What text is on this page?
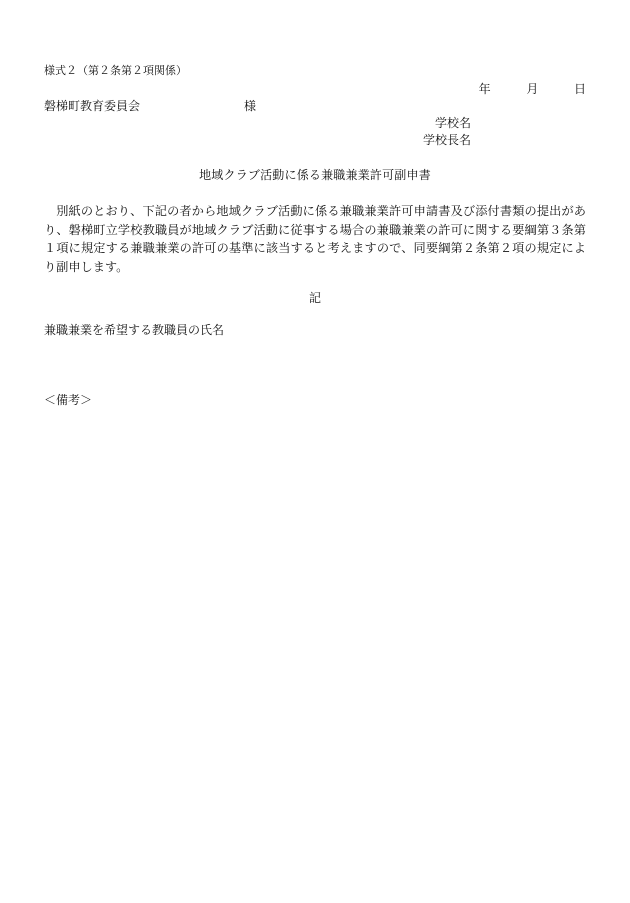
様式２（第２条第２項関係）
年	月	日
磐梯町教育委員会	様
学校名
学校長名
地域クラブ活動に係る兼職兼業許可副申書

別紙のとおり、下記の者から地域クラブ活動に係る兼職兼業許可申請書及び添付書類の提出があり、磐梯町立学校教職員が地域クラブ活動に従事する場合の兼職兼業の許可に関する要綱第３条第１項に規定する兼職兼業の許可の基準に該当すると考えますので、同要綱第２条第２項の規定により副申します。

記
兼職兼業を希望する教職員の氏名
＜備考＞
